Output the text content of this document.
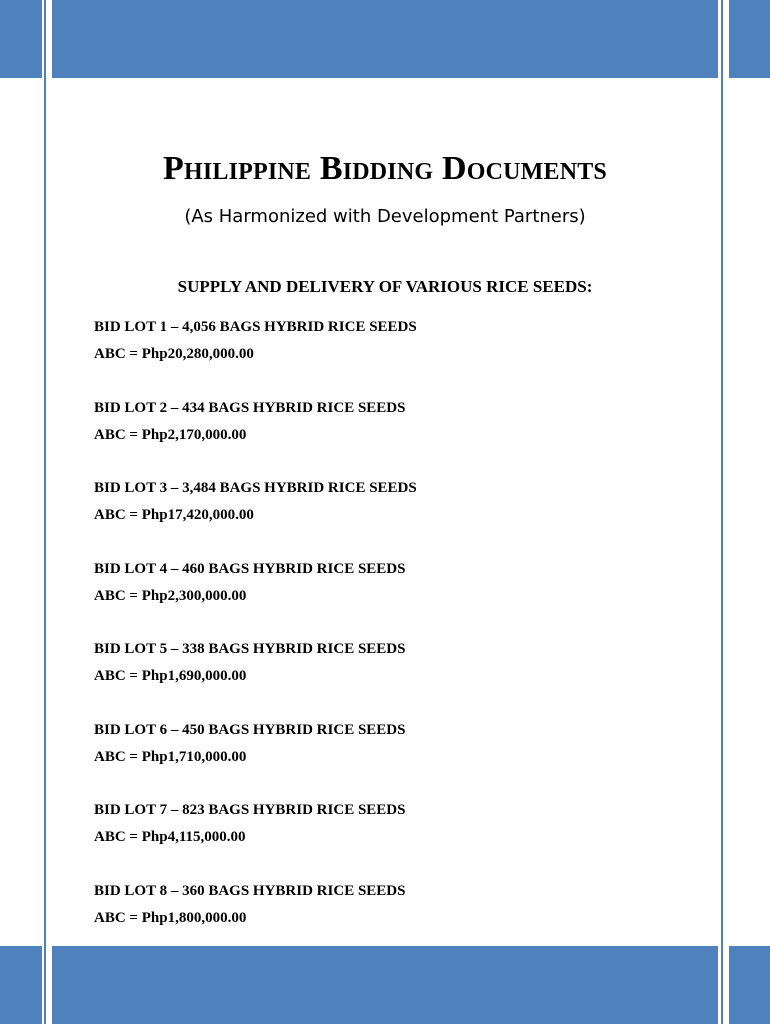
Philippine Bidding Documents
(As Harmonized with Development Partners)
SUPPLY AND DELIVERY OF VARIOUS RICE SEEDS:
BID LOT 1 – 4,056 BAGS HYBRID RICE SEEDS
ABC = Php20,280,000.00
BID LOT 2 – 434 BAGS HYBRID RICE SEEDS
ABC = Php2,170,000.00
BID LOT 3 – 3,484 BAGS HYBRID RICE SEEDS
ABC = Php17,420,000.00
BID LOT 4 – 460 BAGS HYBRID RICE SEEDS
ABC = Php2,300,000.00
BID LOT 5 – 338 BAGS HYBRID RICE SEEDS
ABC = Php1,690,000.00
BID LOT 6 – 450 BAGS HYBRID RICE SEEDS
ABC = Php1,710,000.00
BID LOT 7 – 823 BAGS HYBRID RICE SEEDS
ABC = Php4,115,000.00
BID LOT 8 – 360 BAGS HYBRID RICE SEEDS
ABC = Php1,800,000.00
